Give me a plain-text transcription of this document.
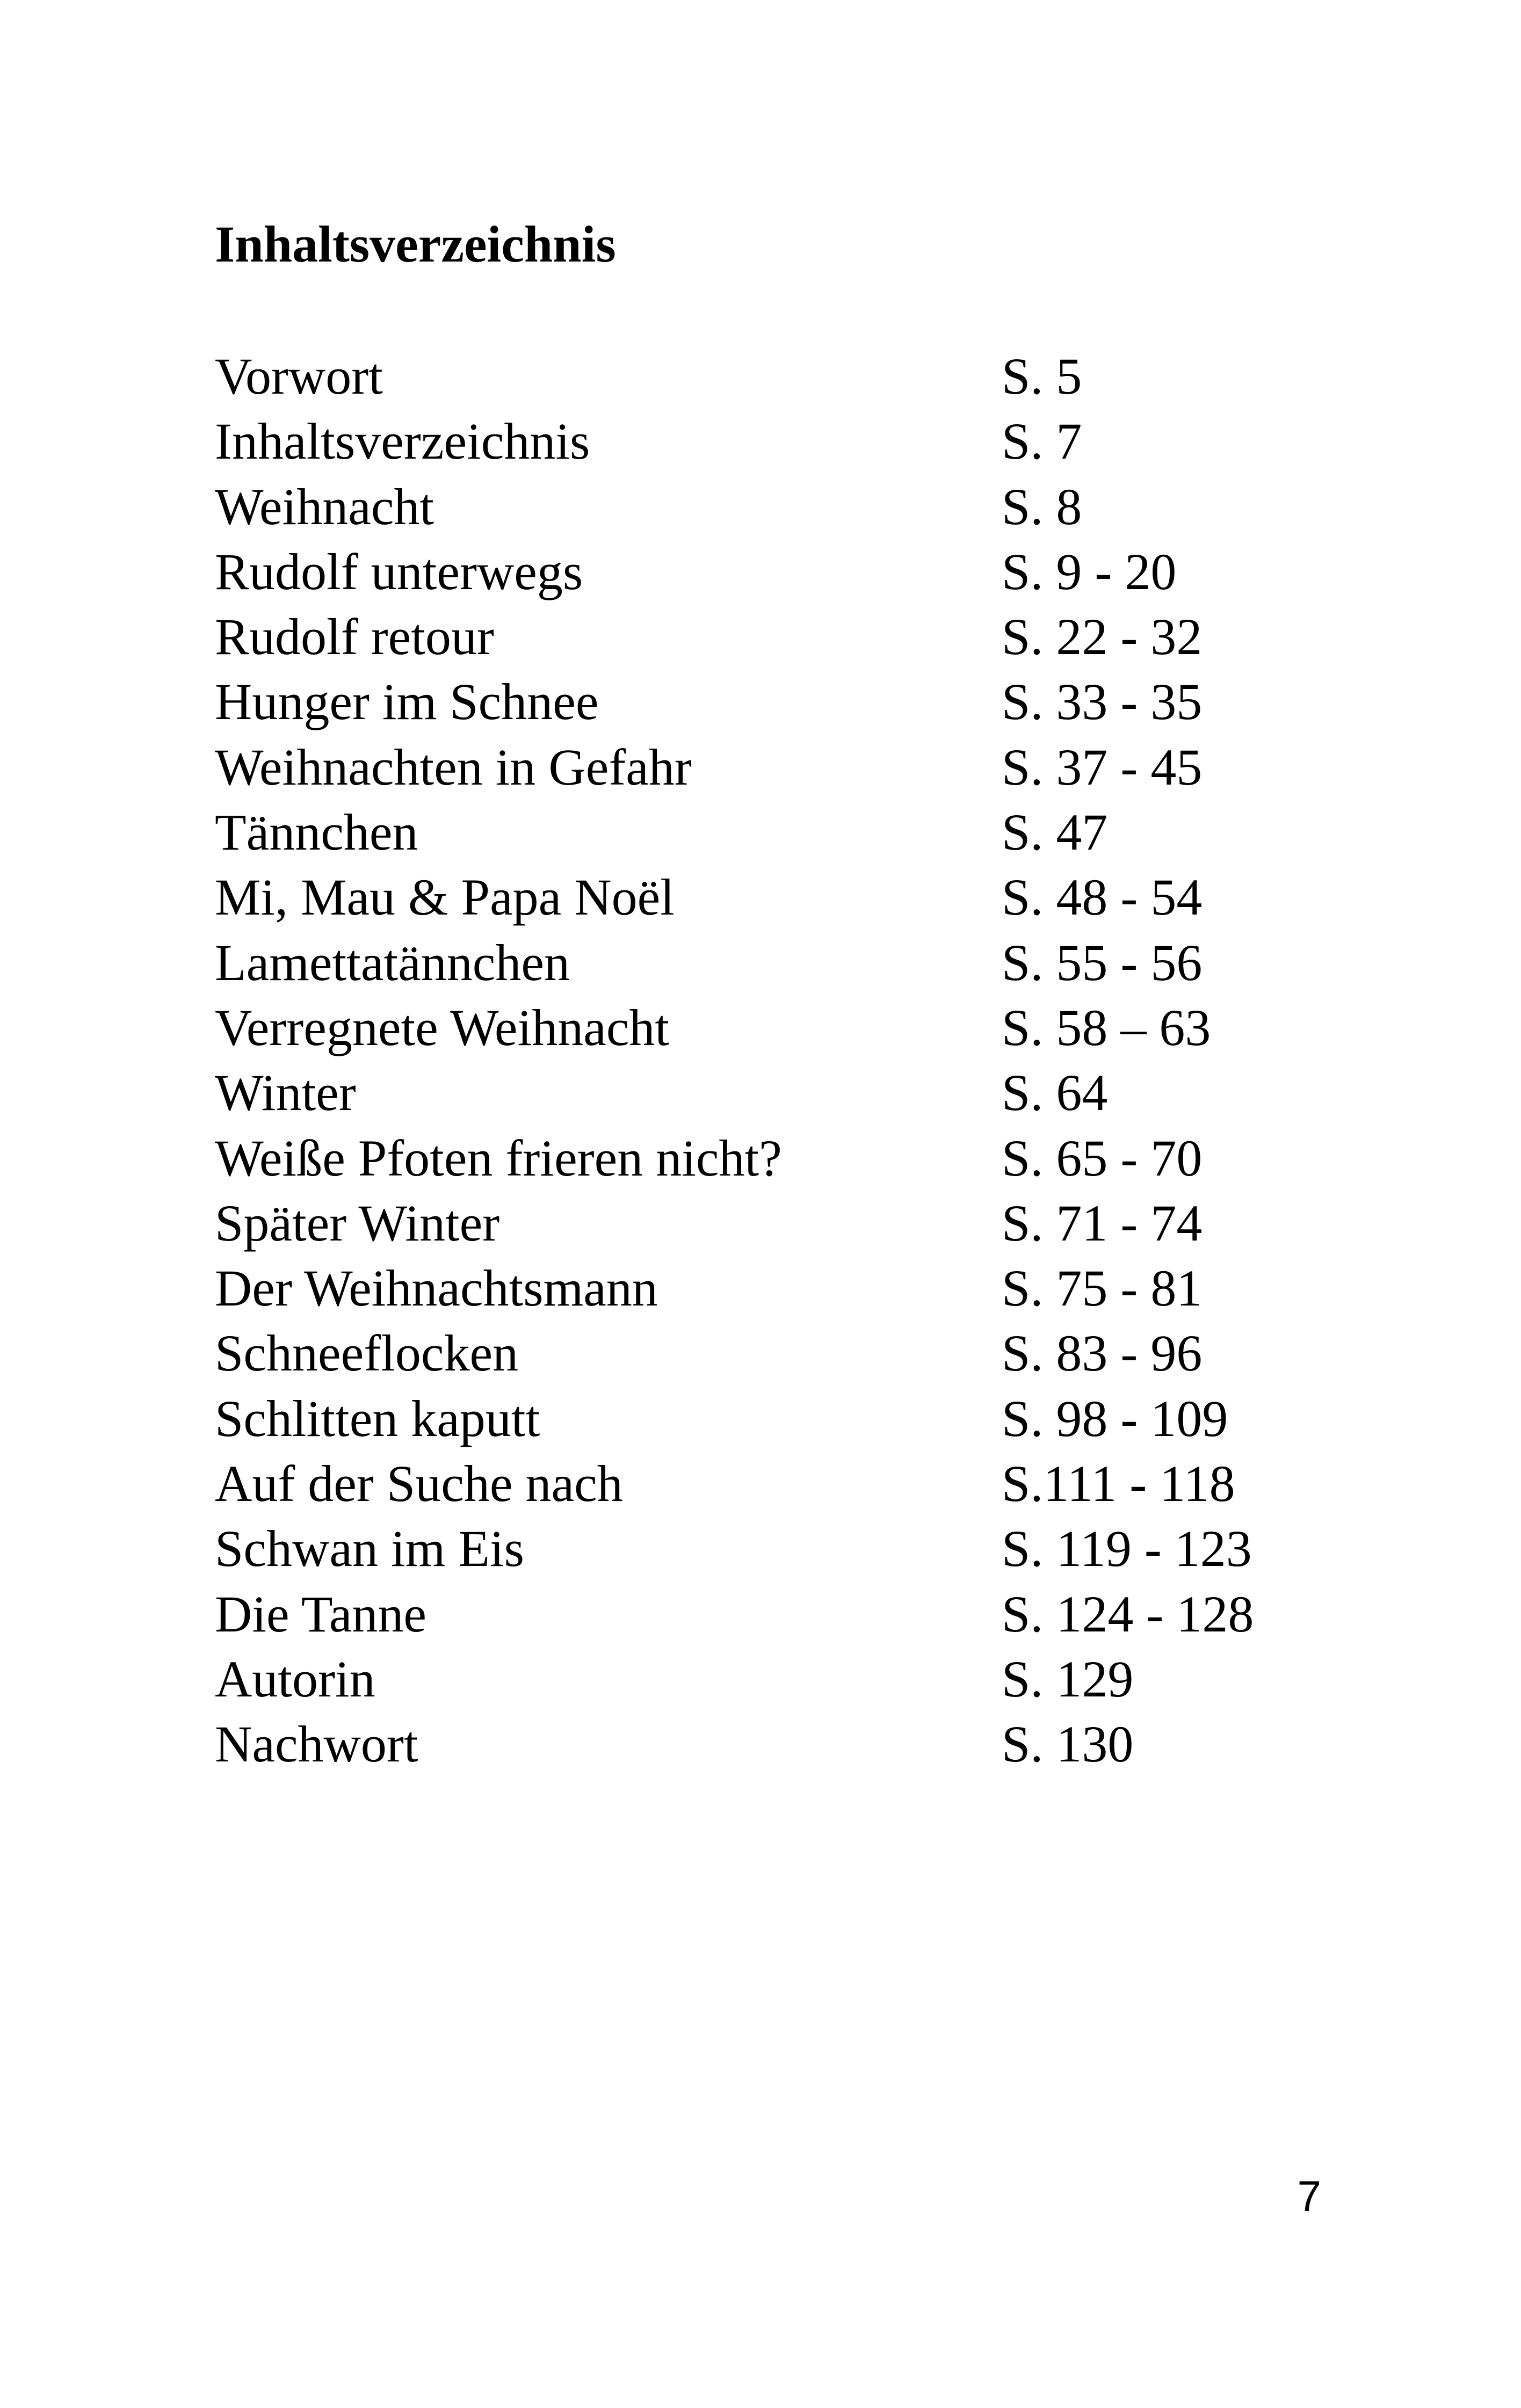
Inhaltsverzeichnis
Vorwort	S. 5
Inhaltsverzeichnis	S. 7
Weihnacht	S. 8
Rudolf unterwegs	S. 9 - 20
Rudolf retour	S. 22 - 32
Hunger im Schnee	S. 33 - 35
Weihnachten in Gefahr	S. 37 - 45
Tännchen	S. 47
Mi, Mau & Papa Noël	S. 48 - 54
Lamettatännchen	S. 55 - 56
Verregnete Weihnacht	S. 58 – 63
Winter	S. 64
Weiße Pfoten frieren nicht?	S. 65 - 70
Später Winter	S. 71 - 74
Der Weihnachtsmann	S. 75 - 81
Schneeflocken	S. 83 - 96
Schlitten kaputt	S. 98 - 109
Auf der Suche nach	S.111 - 118
Schwan im Eis	S. 119 - 123
Die Tanne	S. 124 - 128
Autorin	S. 129
Nachwort	S. 130
7
